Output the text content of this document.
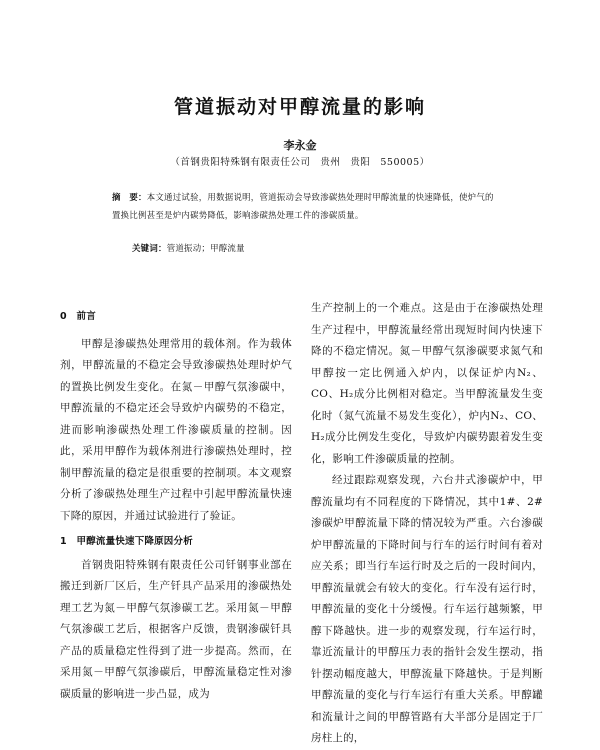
管道振动对甲醇流量的影响
李永金
（首钢贵阳特殊钢有限责任公司　贵州　贵阳　550005）
摘　要：本文通过试验，用数据说明，管道振动会导致渗碳热处理时甲醇流量的快速降低，使炉气的置换比例甚至是炉内碳势降低，影响渗碳热处理工件的渗碳质量。
关键词：管道振动；甲醇流量
0　前言

甲醇是渗碳热处理常用的载体剂。作为载体剂，甲醇流量的不稳定会导致渗碳热处理时炉气的置换比例发生变化。在氮－甲醇气氛渗碳中，甲醇流量的不稳定还会导致炉内碳势的不稳定，进而影响渗碳热处理工件渗碳质量的控制。因此，采用甲醇作为载体剂进行渗碳热处理时，控制甲醇流量的稳定是很重要的控制项。本文观察分析了渗碳热处理生产过程中引起甲醇流量快速下降的原因，并通过试验进行了验证。

1　甲醇流量快速下降原因分析

首钢贵阳特殊钢有限责任公司钎钢事业部在搬迁到新厂区后，生产钎具产品采用的渗碳热处理工艺为氮－甲醇气氛渗碳工艺。采用氮－甲醇气氛渗碳工艺后，根据客户反馈，贵钢渗碳钎具产品的质量稳定性得到了进一步提高。然而，在采用氮－甲醇气氛渗碳后，甲醇流量稳定性对渗碳质量的影响进一步凸显，成为

生产控制上的一个难点。这是由于在渗碳热处理生产过程中，甲醇流量经常出现短时间内快速下降的不稳定情况。氮－甲醇气氛渗碳要求氮气和甲醇按一定比例通入炉内，以保证炉内N₂、CO、H₂成分比例相对稳定。当甲醇流量发生变化时（氮气流量不易发生变化），炉内N₂、CO、H₂成分比例发生变化，导致炉内碳势跟着发生变化，影响工件渗碳质量的控制。

经过跟踪观察发现，六台井式渗碳炉中，甲醇流量均有不同程度的下降情况，其中1#、2#渗碳炉甲醇流量下降的情况较为严重。六台渗碳炉甲醇流量的下降时间与行车的运行时间有着对应关系；即当行车运行时及之后的一段时间内，甲醇流量就会有较大的变化。行车没有运行时，甲醇流量的变化十分缓慢。行车运行越频繁，甲醇下降越快。进一步的观察发现，行车运行时，靠近流量计的甲醇压力表的指针会发生摆动，指针摆动幅度越大，甲醇流量下降越快。于是判断甲醇流量的变化与行车运行有重大关系。甲醇罐和流量计之间的甲醇管路有大半部分是固定于厂房柱上的，
